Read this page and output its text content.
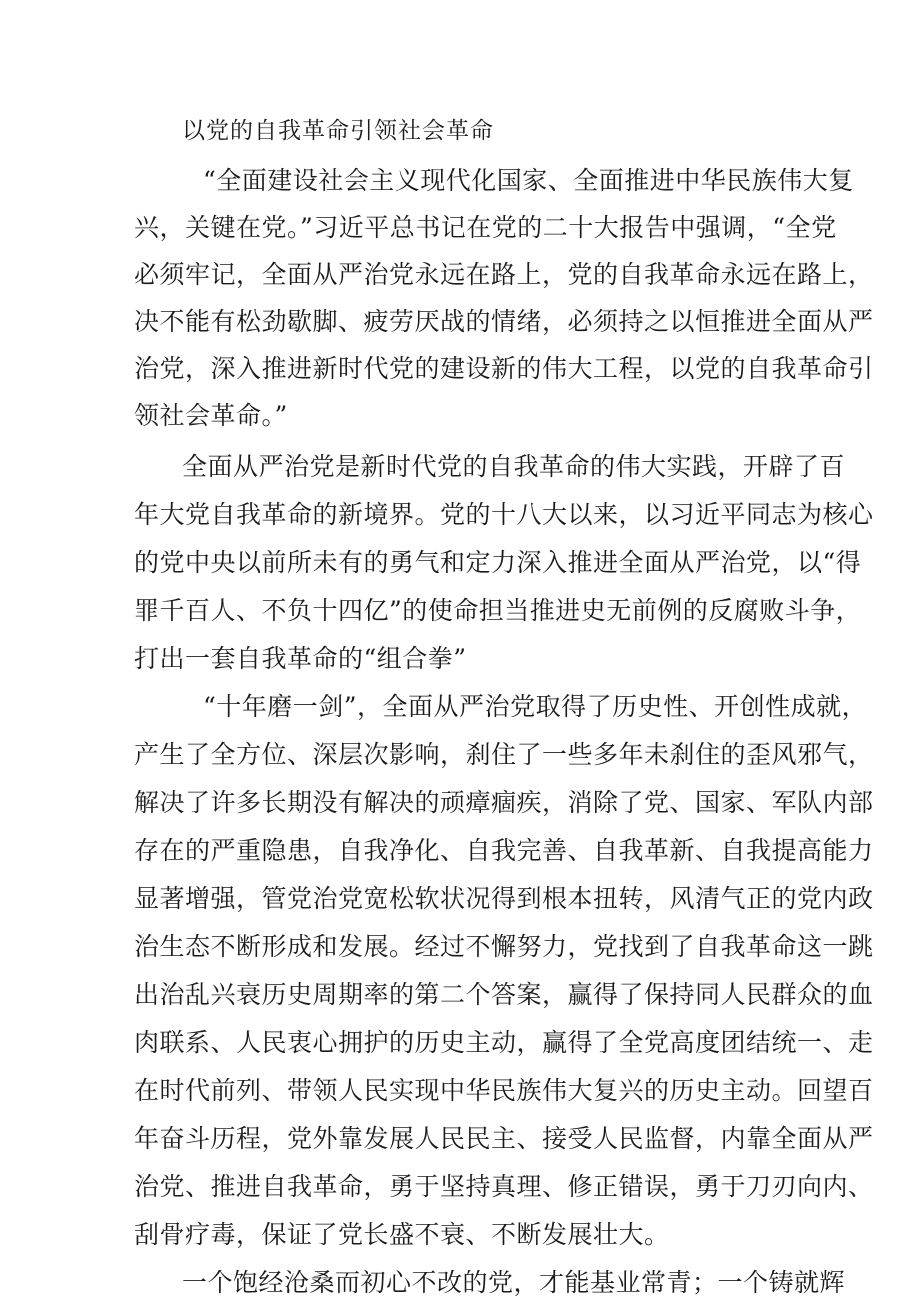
以党的自我革命引领社会革命
“全面建设社会主义现代化国家、全面推进中华民族伟大复
兴，关键在党。”习近平总书记在党的二十大报告中强调，“全党
必须牢记，全面从严治党永远在路上，党的自我革命永远在路上，
决不能有松劲歇脚、疲劳厌战的情绪，必须持之以恒推进全面从严
治党，深入推进新时代党的建设新的伟大工程，以党的自我革命引
领社会革命。”
全面从严治党是新时代党的自我革命的伟大实践，开辟了百
年大党自我革命的新境界。党的十八大以来，以习近平同志为核心
的党中央以前所未有的勇气和定力深入推进全面从严治党，以“得
罪千百人、不负十四亿”的使命担当推进史无前例的反腐败斗争，
打出一套自我革命的“组合拳”
“十年磨一剑”，全面从严治党取得了历史性、开创性成就，
产生了全方位、深层次影响，刹住了一些多年未刹住的歪风邪气，
解决了许多长期没有解决的顽瘴痼疾，消除了党、国家、军队内部
存在的严重隐患，自我净化、自我完善、自我革新、自我提高能力
显著增强，管党治党宽松软状况得到根本扭转，风清气正的党内政
治生态不断形成和发展。经过不懈努力，党找到了自我革命这一跳
出治乱兴衰历史周期率的第二个答案，赢得了保持同人民群众的血
肉联系、人民衷心拥护的历史主动，赢得了全党高度团结统一、走
在时代前列、带领人民实现中华民族伟大复兴的历史主动。回望百
年奋斗历程，党外靠发展人民民主、接受人民监督，内靠全面从严
治党、推进自我革命，勇于坚持真理、修正错误，勇于刀刃向内、
刮骨疗毒，保证了党长盛不衰、不断发展壮大。
一个饱经沧桑而初心不改的党，才能基业常青；一个铸就辉
